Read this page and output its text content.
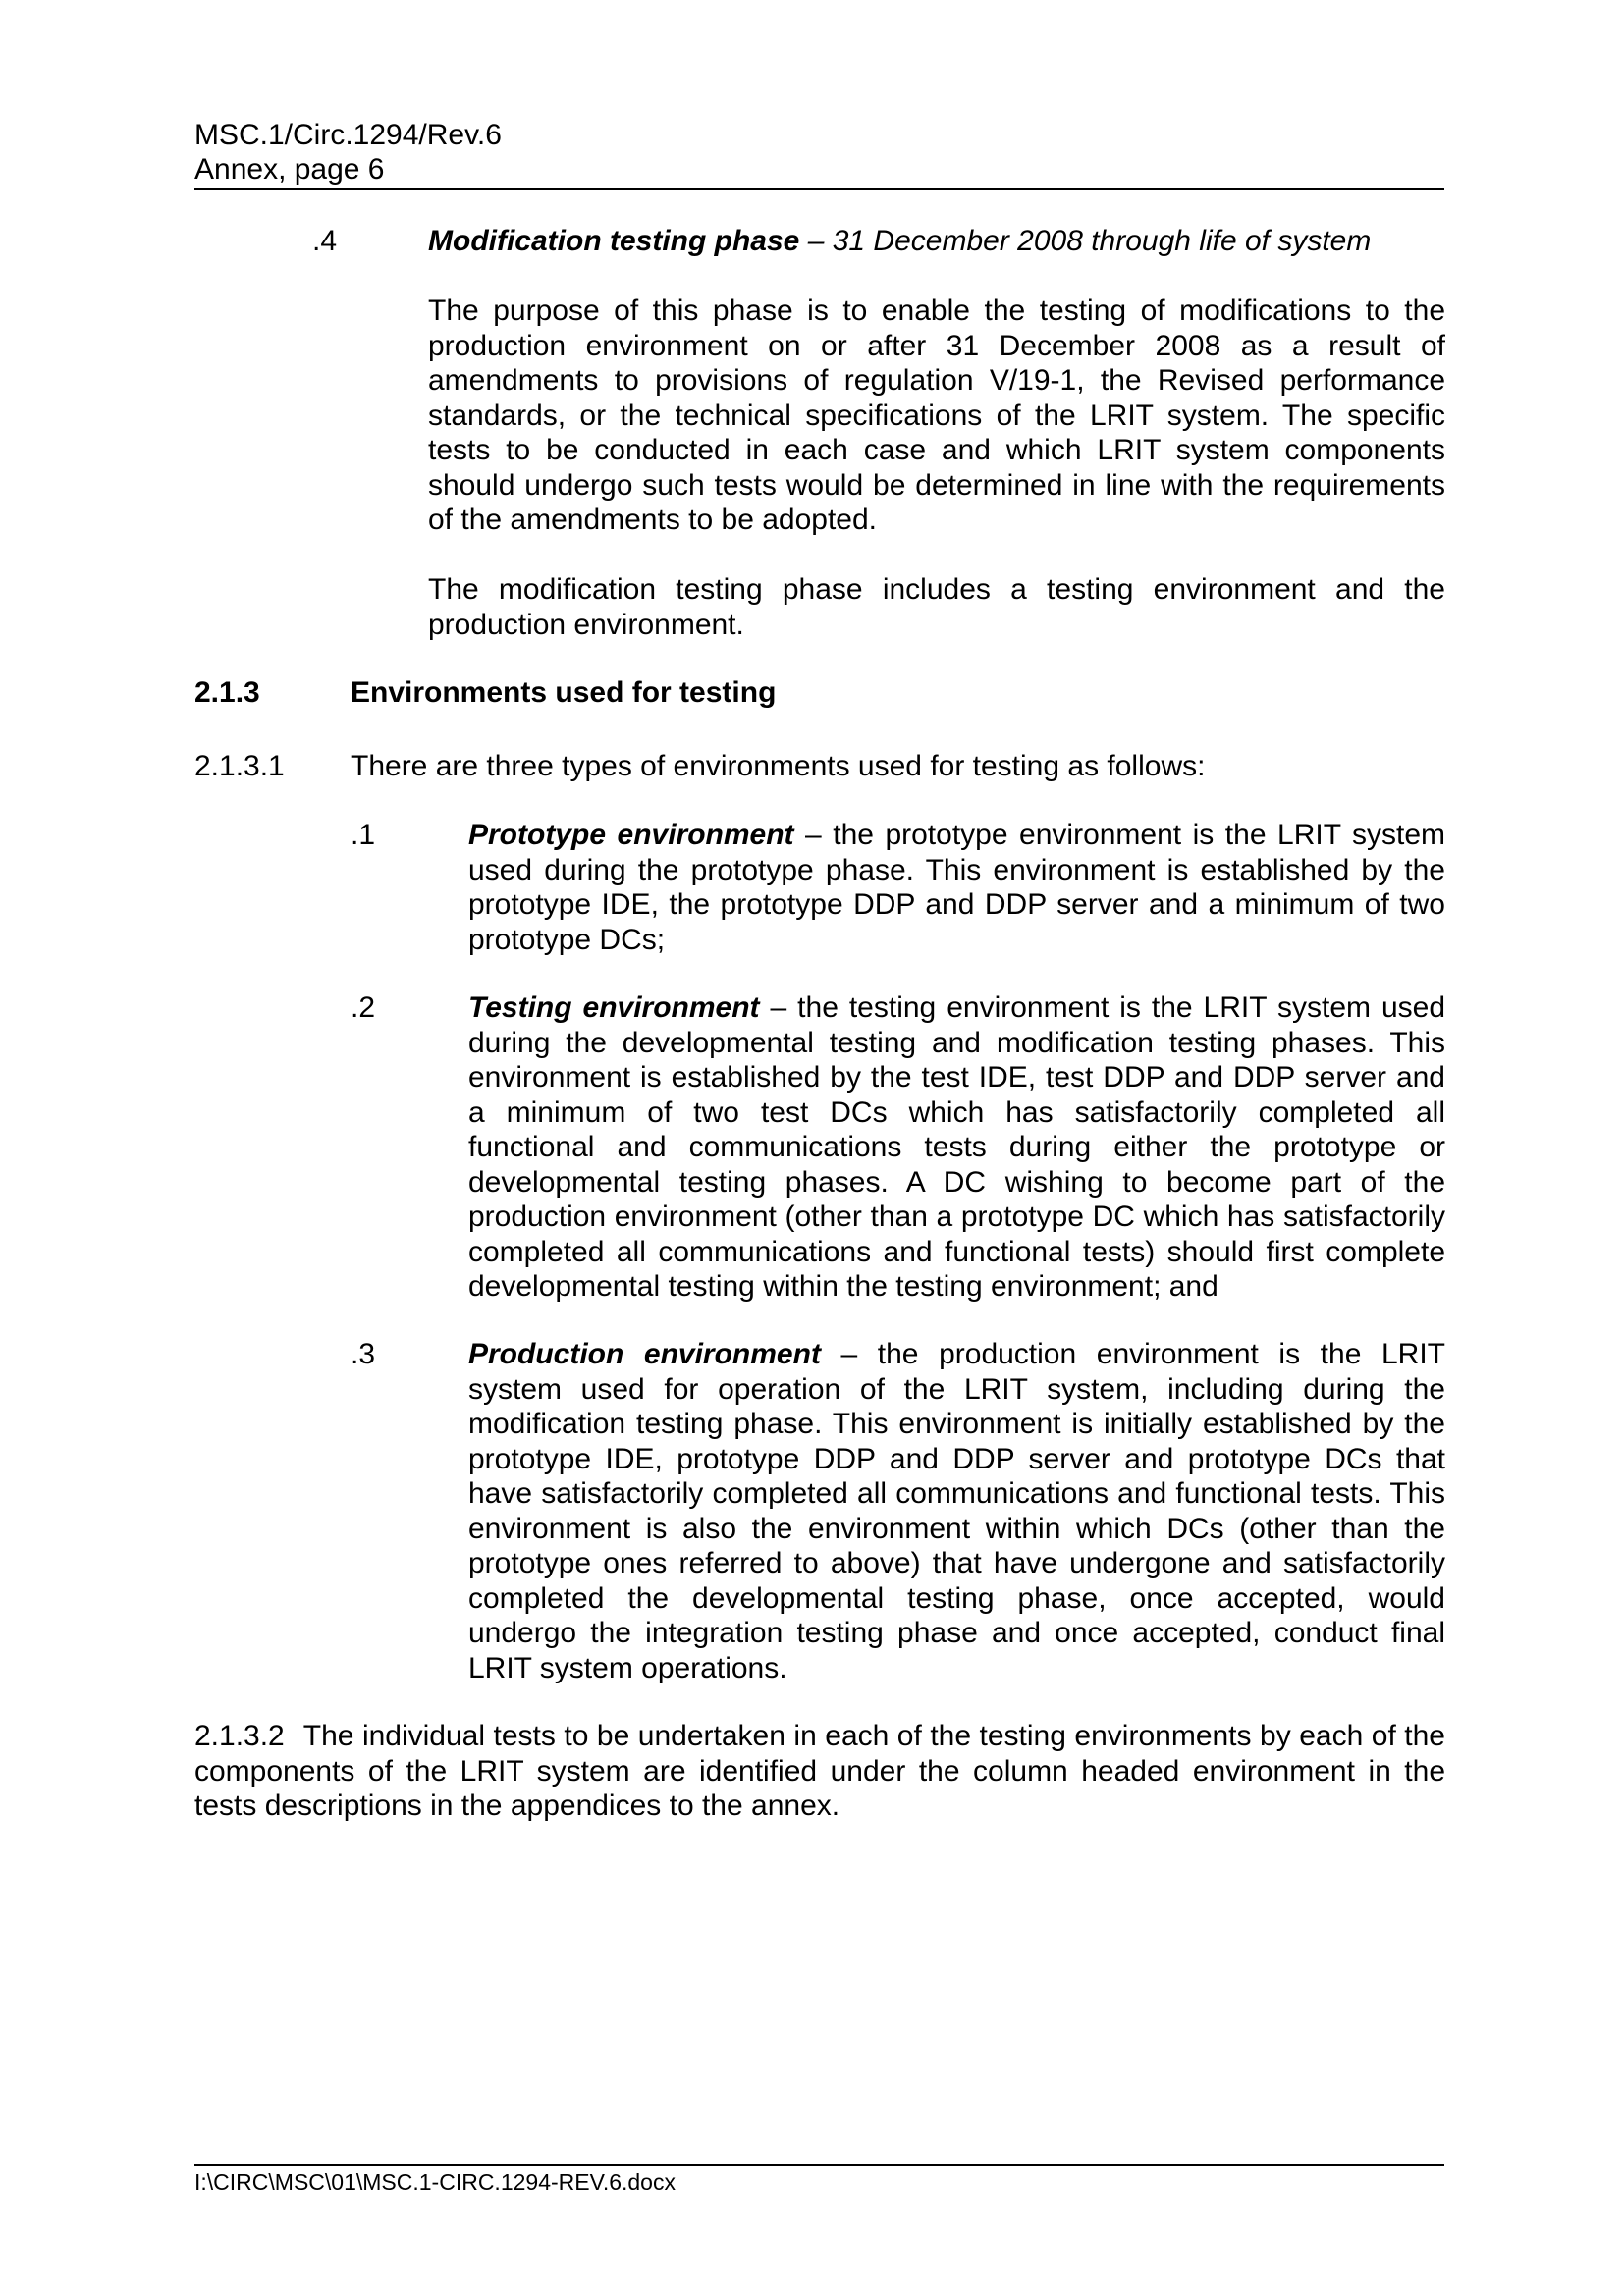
MSC.1/Circ.1294/Rev.6
Annex, page 6
.4	Modification testing phase – 31 December 2008 through life of system

The purpose of this phase is to enable the testing of modifications to the production environment on or after 31 December 2008 as a result of amendments to provisions of regulation V/19-1, the Revised performance standards, or the technical specifications of the LRIT system. The specific tests to be conducted in each case and which LRIT system components should undergo such tests would be determined in line with the requirements of the amendments to be adopted.

The modification testing phase includes a testing environment and the production environment.

2.1.3	Environments used for testing
2.1.3.1 There are three types of environments used for testing as follows:

.1	Prototype environment – the prototype environment is the LRIT system used during the prototype phase. This environment is established by the prototype IDE, the prototype DDP and DDP server and a minimum of two prototype DCs;

.2	Testing environment – the testing environment is the LRIT system used during the developmental testing and modification testing phases. This environment is established by the test IDE, test DDP and DDP server and a minimum of two test DCs which has satisfactorily completed all functional and communications tests during either the prototype or developmental testing phases. A DC wishing to become part of the production environment (other than a prototype DC which has satisfactorily completed all communications and functional tests) should first complete developmental testing within the testing environment; and

.3	Production environment – the production environment is the LRIT system used for operation of the LRIT system, including during the modification testing phase. This environment is initially established by the prototype IDE, prototype DDP and DDP server and prototype DCs that have satisfactorily completed all communications and functional tests. This environment is also the environment within which DCs (other than the prototype ones referred to above) that have undergone and satisfactorily completed the developmental testing phase, once accepted, would undergo the integration testing phase and once accepted, conduct final LRIT system operations.

2.1.3.2 The individual tests to be undertaken in each of the testing environments by each of the components of the LRIT system are identified under the column headed environment in the tests descriptions in the appendices to the annex.

I:\CIRC\MSC\01\MSC.1-CIRC.1294-REV.6.docx
